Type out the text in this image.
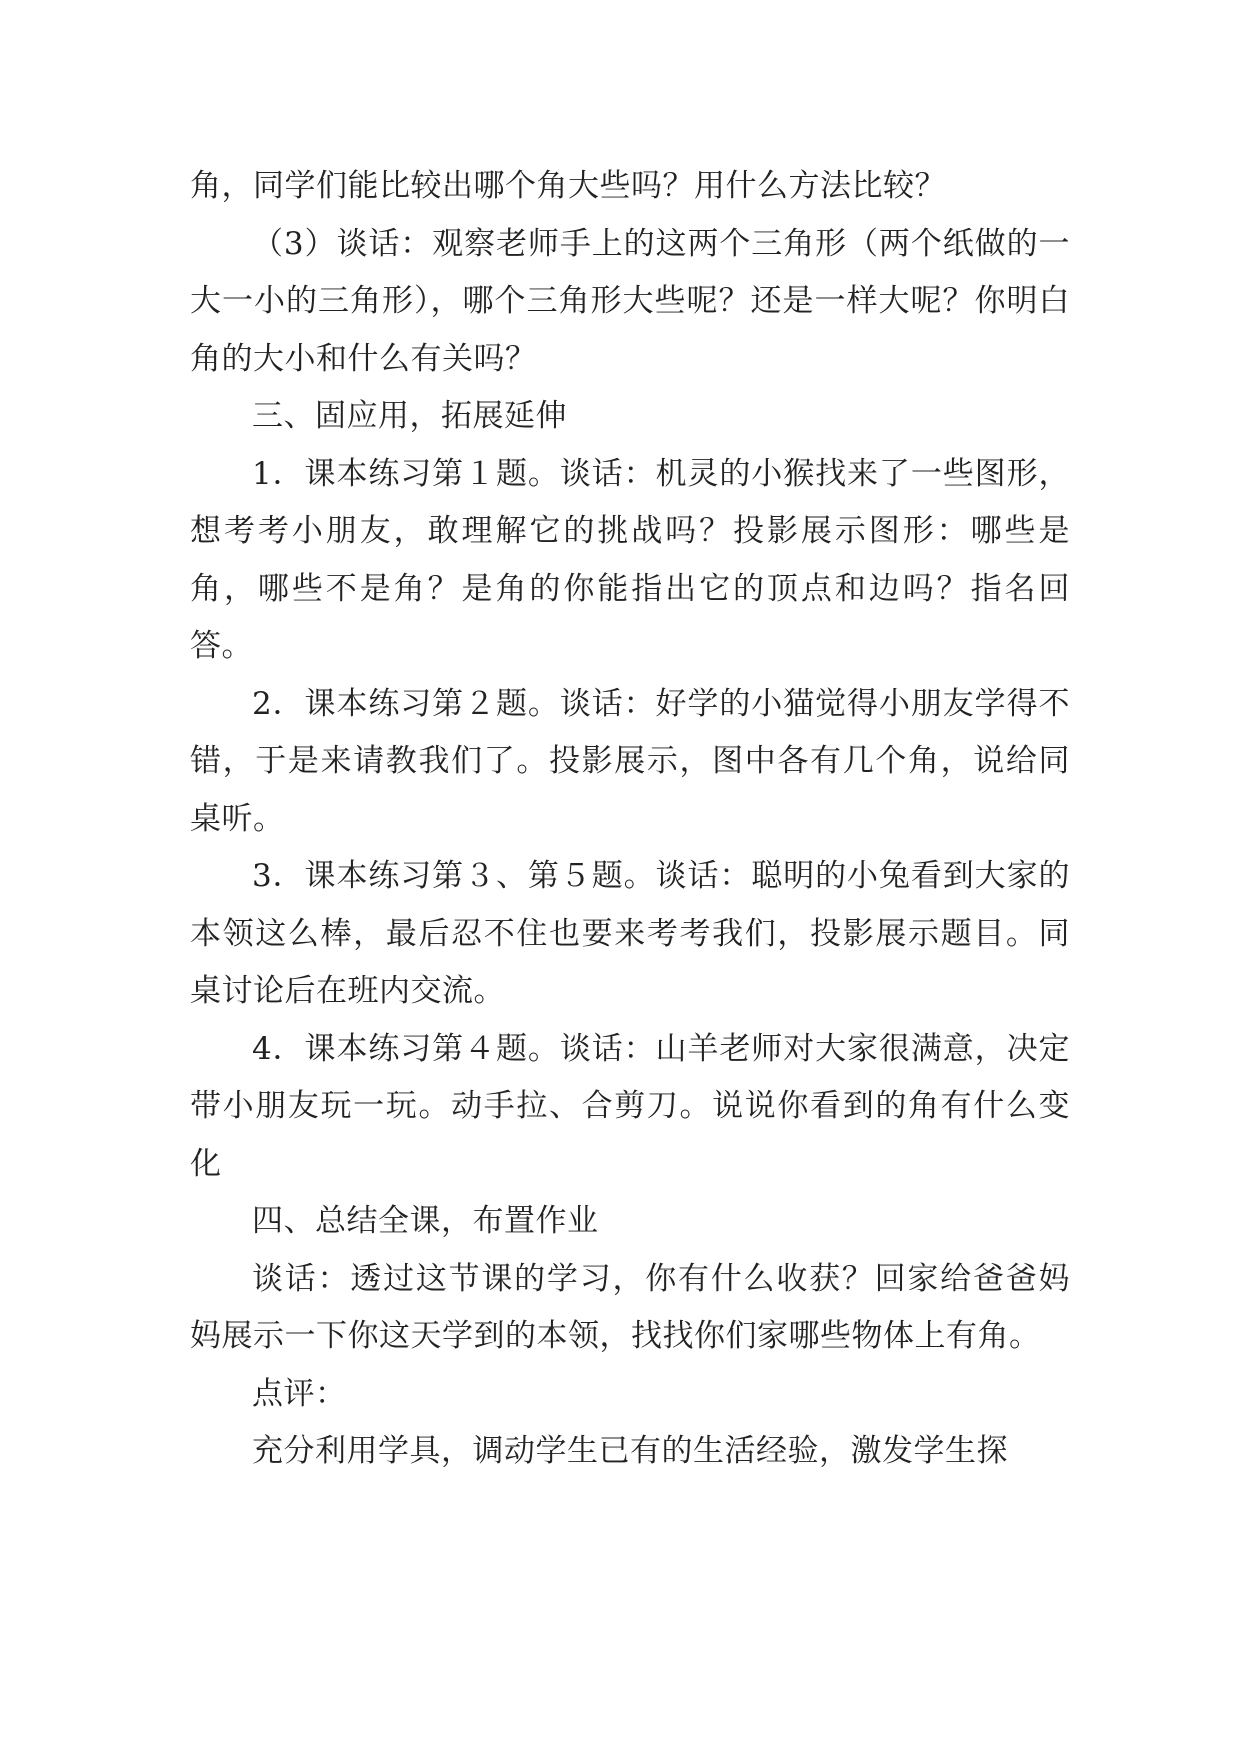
角，同学们能比较出哪个角大些吗？用什么方法比较？

（3）谈话：观察老师手上的这两个三角形（两个纸做的一大一小的三角形），哪个三角形大些呢？还是一样大呢？你明白角的大小和什么有关吗？

三、固应用，拓展延伸

1．课本练习第１题。谈话：机灵的小猴找来了一些图形，想考考小朋友，敢理解它的挑战吗？投影展示图形：哪些是角，哪些不是角？是角的你能指出它的顶点和边吗？指名回答。

2．课本练习第２题。谈话：好学的小猫觉得小朋友学得不错，于是来请教我们了。投影展示，图中各有几个角，说给同桌听。

3．课本练习第３、第５题。谈话：聪明的小兔看到大家的本领这么棒，最后忍不住也要来考考我们，投影展示题目。同桌讨论后在班内交流。

4．课本练习第４题。谈话：山羊老师对大家很满意，决定带小朋友玩一玩。动手拉、合剪刀。说说你看到的角有什么变化

四、总结全课，布置作业

谈话：透过这节课的学习，你有什么收获？回家给爸爸妈妈展示一下你这天学到的本领，找找你们家哪些物体上有角。

点评：

充分利用学具，调动学生已有的生活经验，激发学生探
